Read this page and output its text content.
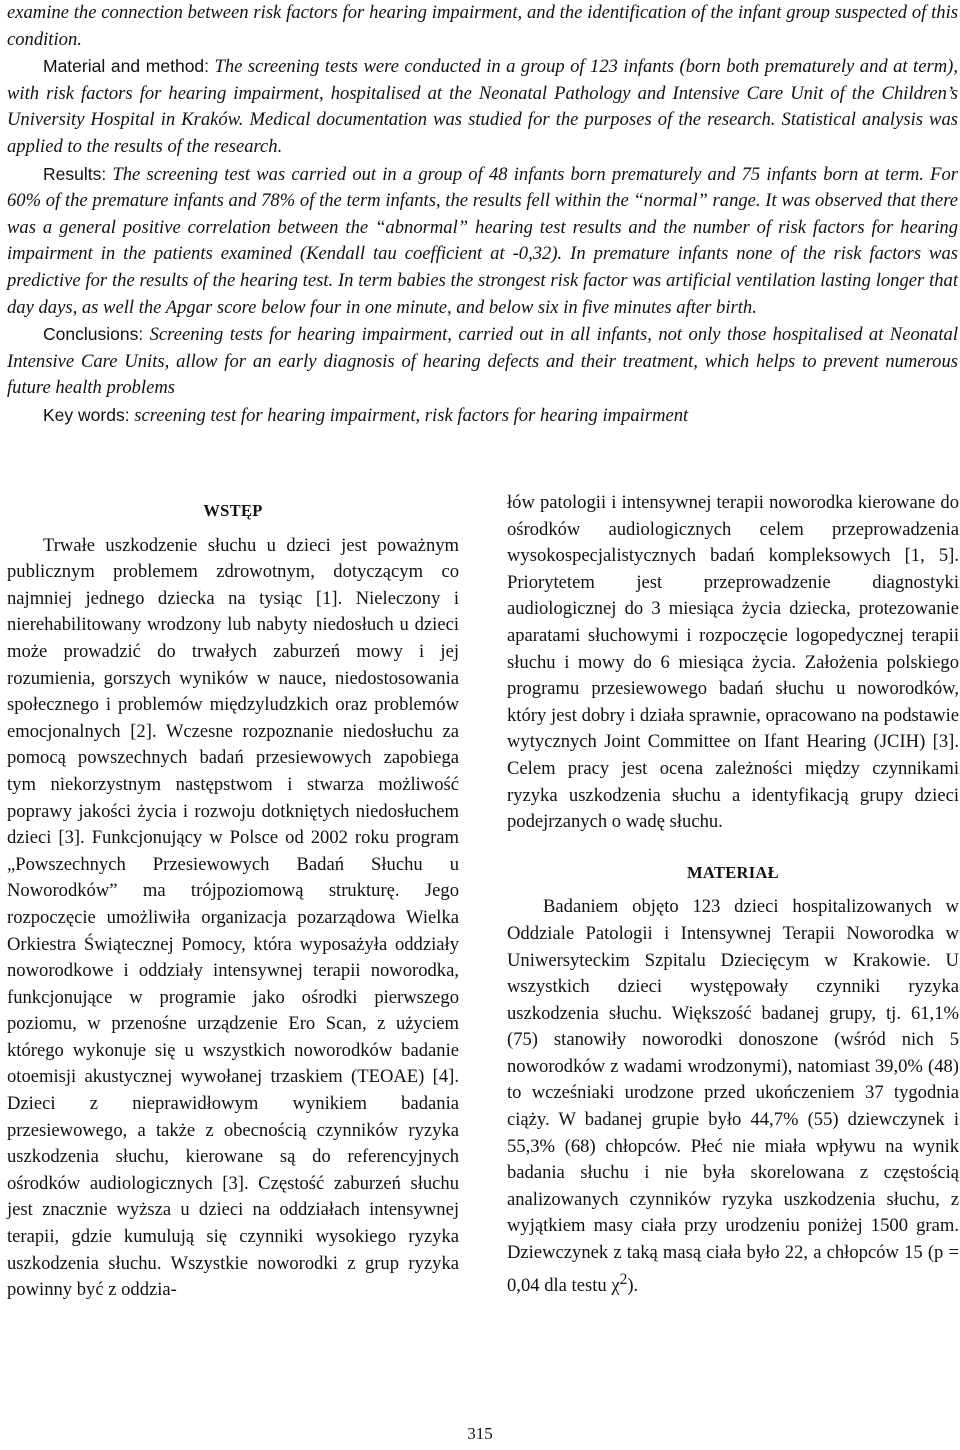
examine the connection between risk factors for hearing impairment, and the identification of the infant group suspected of this condition.

Material and method: The screening tests were conducted in a group of 123 infants (born both prematurely and at term), with risk factors for hearing impairment, hospitalised at the Neonatal Pathology and Intensive Care Unit of the Children’s University Hospital in Kraków. Medical documentation was studied for the purposes of the research. Statistical analysis was applied to the results of the research.

Results: The screening test was carried out in a group of 48 infants born prematurely and 75 infants born at term. For 60% of the premature infants and 78% of the term infants, the results fell within the “normal” range. It was observed that there was a general positive correlation between the “abnormal” hearing test results and the number of risk factors for hearing impairment in the patients examined (Kendall tau coefficient at -0,32). In premature infants none of the risk factors was predictive for the results of the hearing test. In term babies the strongest risk factor was artificial ventilation lasting longer that day days, as well the Apgar score below four in one minute, and below six in five minutes after birth.

Conclusions: Screening tests for hearing impairment, carried out in all infants, not only those hospitalised at Neonatal Intensive Care Units, allow for an early diagnosis of hearing defects and their treatment, which helps to prevent numerous future health problems

Key words: screening test for hearing impairment, risk factors for hearing impairment

WSTĘP

Trwałe uszkodzenie słuchu u dzieci jest poważnym publicznym problemem zdrowotnym, dotyczącym co najmniej jednego dziecka na tysiąc [1]. Nieleczony i nierehabilitowany wrodzony lub nabyty niedosłuch u dzieci może prowadzić do trwałych zaburzeń mowy i jej rozumienia, gorszych wyników w nauce, niedostosowania społecznego i problemów międzyludzkich oraz problemów emocjonalnych [2]. Wczesne rozpoznanie niedosłuchu za pomocą powszechnych badań przesiewowych zapobiega tym niekorzystnym następstwom i stwarza możliwość poprawy jakości życia i rozwoju dotkniętych niedosłuchem dzieci [3]. Funkcjonujący w Polsce od 2002 roku program „Powszechnych Przesiewowych Badań Słuchu u Noworodków” ma trójpoziomową strukturę. Jego rozpoczęcie umożliwiła organizacja pozarządowa Wielka Orkiestra Świątecznej Pomocy, która wyposażyła oddziały noworodkowe i oddziały intensywnej terapii noworodka, funkcjonujące w programie jako ośrodki pierwszego poziomu, w przenośne urządzenie Ero Scan, z użyciem którego wykonuje się u wszystkich noworodków badanie otoemisji akustycznej wywołanej trzaskiem (TEOAE) [4]. Dzieci z nieprawidłowym wynikiem badania przesiewowego, a także z obecnością czynników ryzyka uszkodzenia słuchu, kierowane są do referencyjnych ośrodków audiologicznych [3]. Częstość zaburzeń słuchu jest znacznie wyższa u dzieci na oddziałach intensywnej terapii, gdzie kumulują się czynniki wysokiego ryzyka uszkodzenia słuchu. Wszystkie noworodki z grup ryzyka powinny być z oddzia-

łów patologii i intensywnej terapii noworodka kierowane do ośrodków audiologicznych celem przeprowadzenia wysokospecjalistycznych badań kompleksowych [1, 5]. Priorytetem jest przeprowadzenie diagnostyki audiologicznej do 3 miesiąca życia dziecka, protezowanie aparatami słuchowymi i rozpoczęcie logopedycznej terapii słuchu i mowy do 6 miesiąca życia. Założenia polskiego programu przesiewowego badań słuchu u noworodków, który jest dobry i działa sprawnie, opracowano na podstawie wytycznych Joint Committee on Ifant Hearing (JCIH) [3]. Celem pracy jest ocena zależności między czynnikami ryzyka uszkodzenia słuchu a identyfikacją grupy dzieci podejrzanych o wadę słuchu.

MATERIAŁ

Badaniem objęto 123 dzieci hospitalizowanych w Oddziale Patologii i Intensywnej Terapii Noworodka w Uniwersyteckim Szpitalu Dziecięcym w Krakowie. U wszystkich dzieci występowały czynniki ryzyka uszkodzenia słuchu. Większość badanej grupy, tj. 61,1% (75) stanowiły noworodki donoszone (wśród nich 5 noworodków z wadami wrodzonymi), natomiast 39,0% (48) to wcześniaki urodzone przed ukończeniem 37 tygodnia ciąży. W badanej grupie było 44,7% (55) dziewczynek i 55,3% (68) chłopców. Płeć nie miała wpływu na wynik badania słuchu i nie była skorelowana z częstością analizowanych czynników ryzyka uszkodzenia słuchu, z wyjątkiem masy ciała przy urodzeniu poniżej 1500 gram. Dziewczynek z taką masą ciała było 22, a chłopców 15 (p = 0,04 dla testu $\chi^2$).

315
